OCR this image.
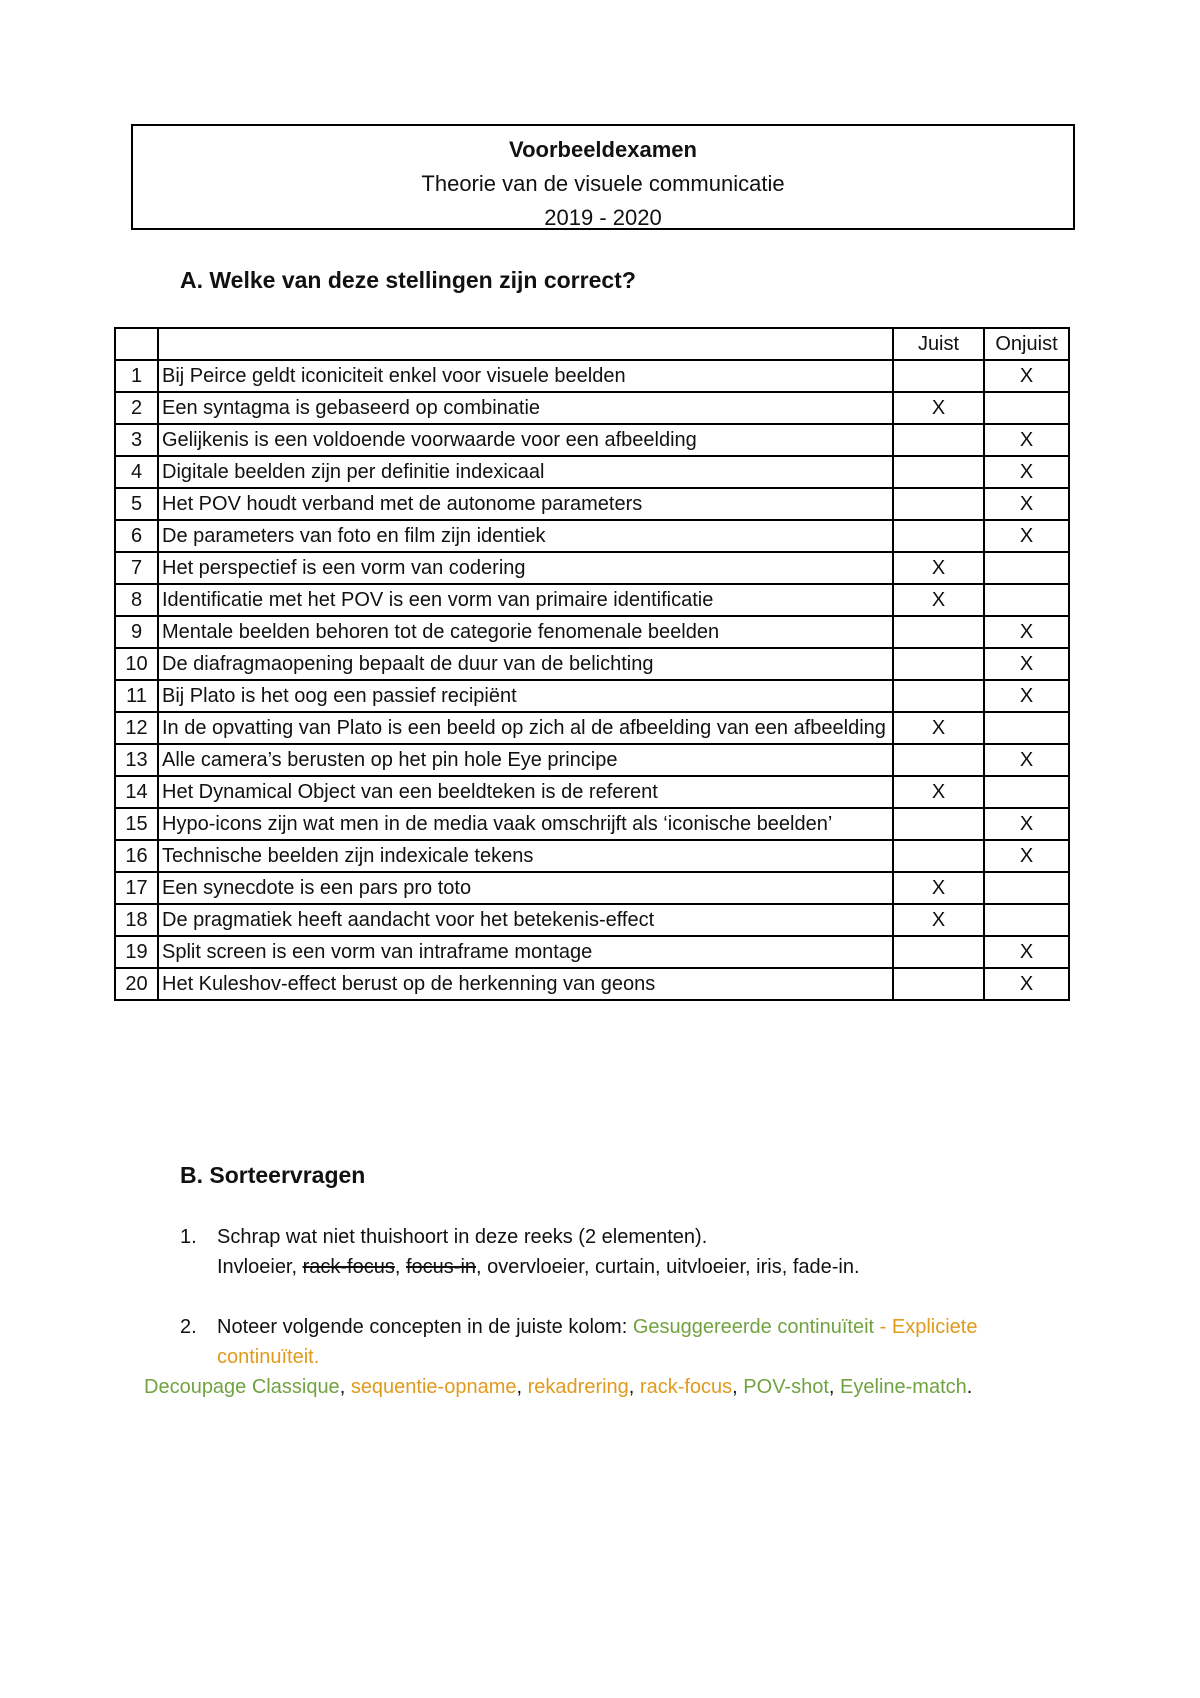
Voorbeeldexamen
Theorie van de visuele communicatie
2019 - 2020
A. Welke van deze stellingen zijn correct?
		Juist	Onjuist
1	Bij Peirce geldt iconiciteit enkel voor visuele beelden		X
2	Een syntagma is gebaseerd op combinatie	X	
3	Gelijkenis is een voldoende voorwaarde voor een afbeelding		X
4	Digitale beelden zijn per definitie indexicaal		X
5	Het POV houdt verband met de autonome parameters		X
6	De parameters van foto en film zijn identiek		X
7	Het perspectief is een vorm van codering	X	
8	Identificatie met het POV is een vorm van primaire identificatie	X	
9	Mentale beelden behoren tot de categorie fenomenale beelden		X
10	De diafragmaopening bepaalt de duur van de belichting		X
11	Bij Plato is het oog een passief recipiënt		X
12	In de opvatting van Plato is een beeld op zich al de afbeelding van een afbeelding	X	
13	Alle camera’s berusten op het pin hole Eye principe		X
14	Het Dynamical Object van een beeldteken is de referent	X	
15	Hypo-icons zijn wat men in de media vaak omschrijft als ‘iconische beelden’		X
16	Technische beelden zijn indexicale tekens		X
17	Een synecdote is een pars pro toto	X	
18	De pragmatiek heeft aandacht voor het betekenis-effect	X	
19	Split screen is een vorm van intraframe montage		X
20	Het Kuleshov-effect berust op de herkenning van geons		X
B. Sorteervragen
1. Schrap wat niet thuishoort in deze reeks (2 elementen).
Invloeier, rack-focus, focus-in, overvloeier, curtain, uitvloeier, iris, fade-in.
2. Noteer volgende concepten in de juiste kolom: Gesuggereerde continuïteit - Expliciete
continuïteit.
Decoupage Classique, sequentie-opname, rekadrering, rack-focus, POV-shot, Eyeline-match.
